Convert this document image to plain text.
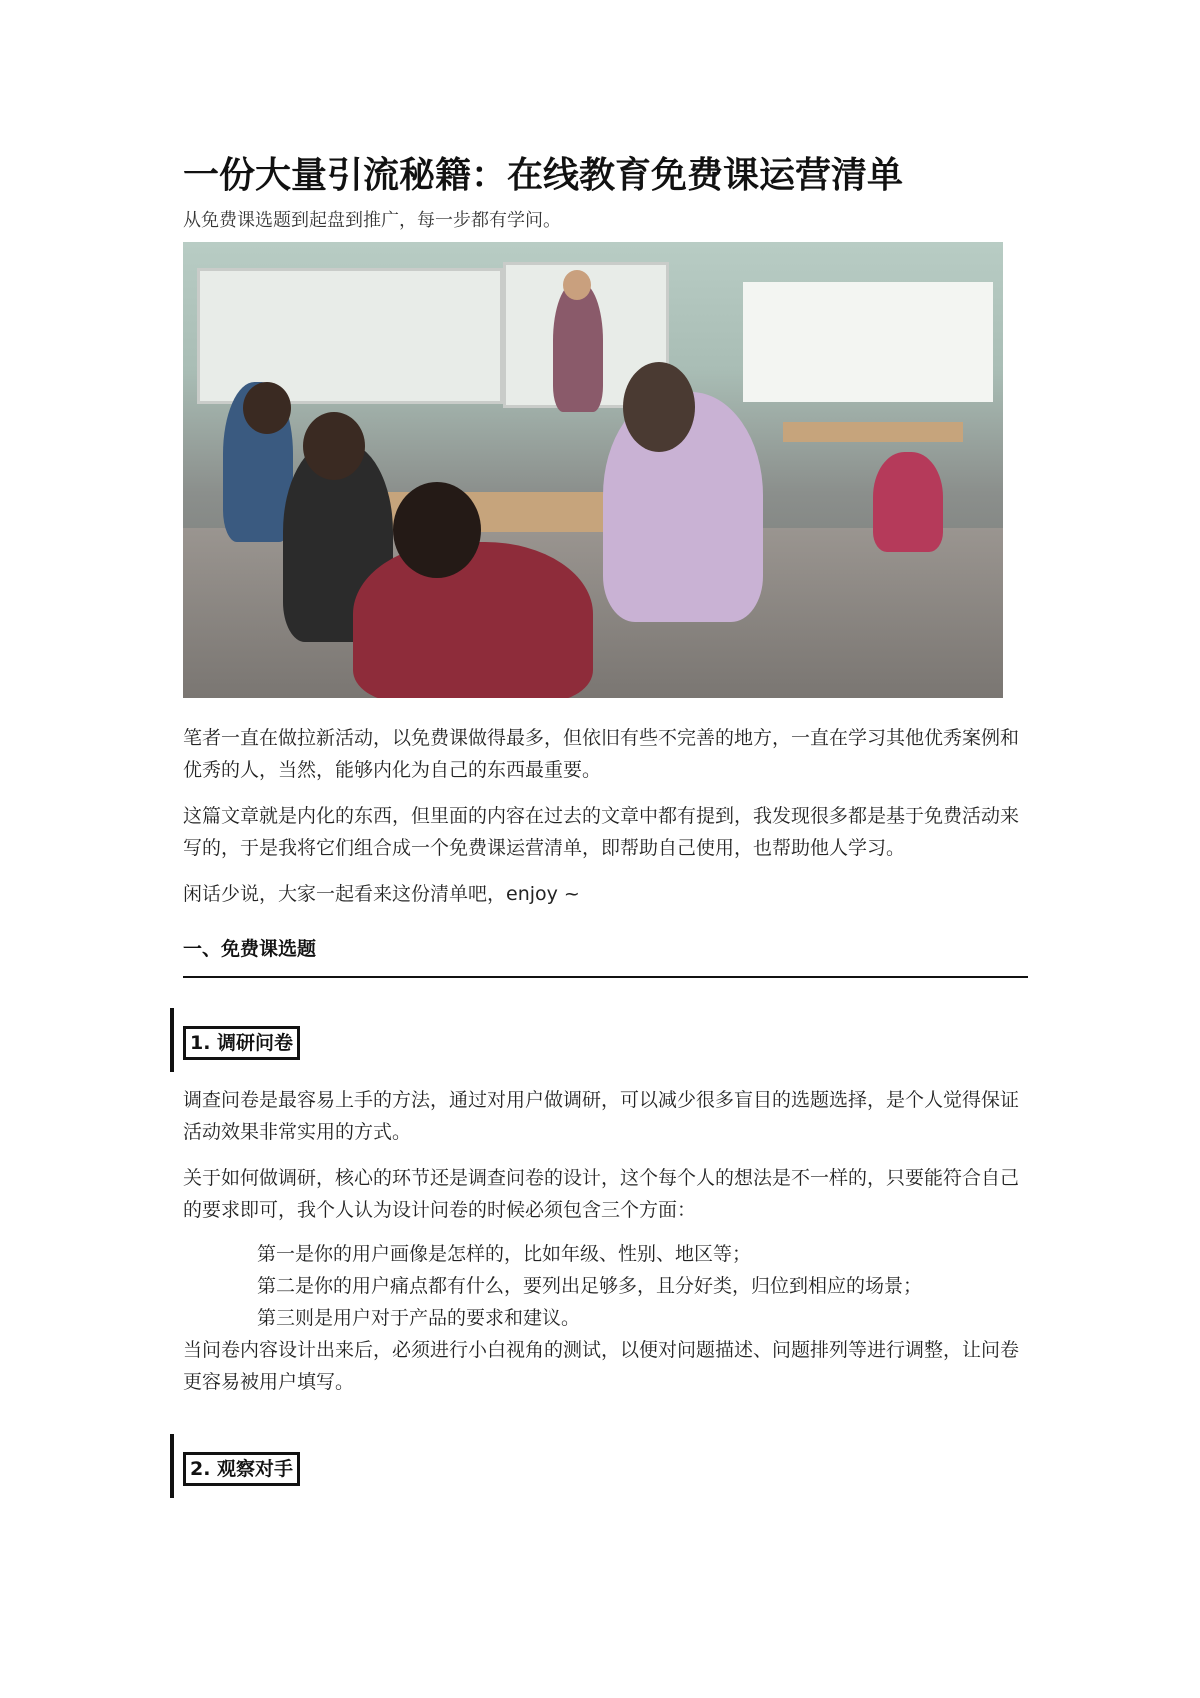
一份大量引流秘籍：在线教育免费课运营清单

从免费课选题到起盘到推广，每一步都有学问。

笔者一直在做拉新活动，以免费课做得最多，但依旧有些不完善的地方，一直在学习其他优秀案例和优秀的人，当然，能够内化为自己的东西最重要。

这篇文章就是内化的东西，但里面的内容在过去的文章中都有提到，我发现很多都是基于免费活动来写的，于是我将它们组合成一个免费课运营清单，即帮助自己使用，也帮助他人学习。

闲话少说，大家一起看来这份清单吧，enjoy ~

一、免费课选题
1. 调研问卷

调查问卷是最容易上手的方法，通过对用户做调研，可以减少很多盲目的选题选择，是个人觉得保证活动效果非常实用的方式。

关于如何做调研，核心的环节还是调查问卷的设计，这个每个人的想法是不一样的，只要能符合自己的要求即可，我个人认为设计问卷的时候必须包含三个方面：

第一是你的用户画像是怎样的，比如年级、性别、地区等；

第二是你的用户痛点都有什么，要列出足够多，且分好类，归位到相应的场景；

第三则是用户对于产品的要求和建议。

当问卷内容设计出来后，必须进行小白视角的测试，以便对问题描述、问题排列等进行调整，让问卷更容易被用户填写。

2. 观察对手
